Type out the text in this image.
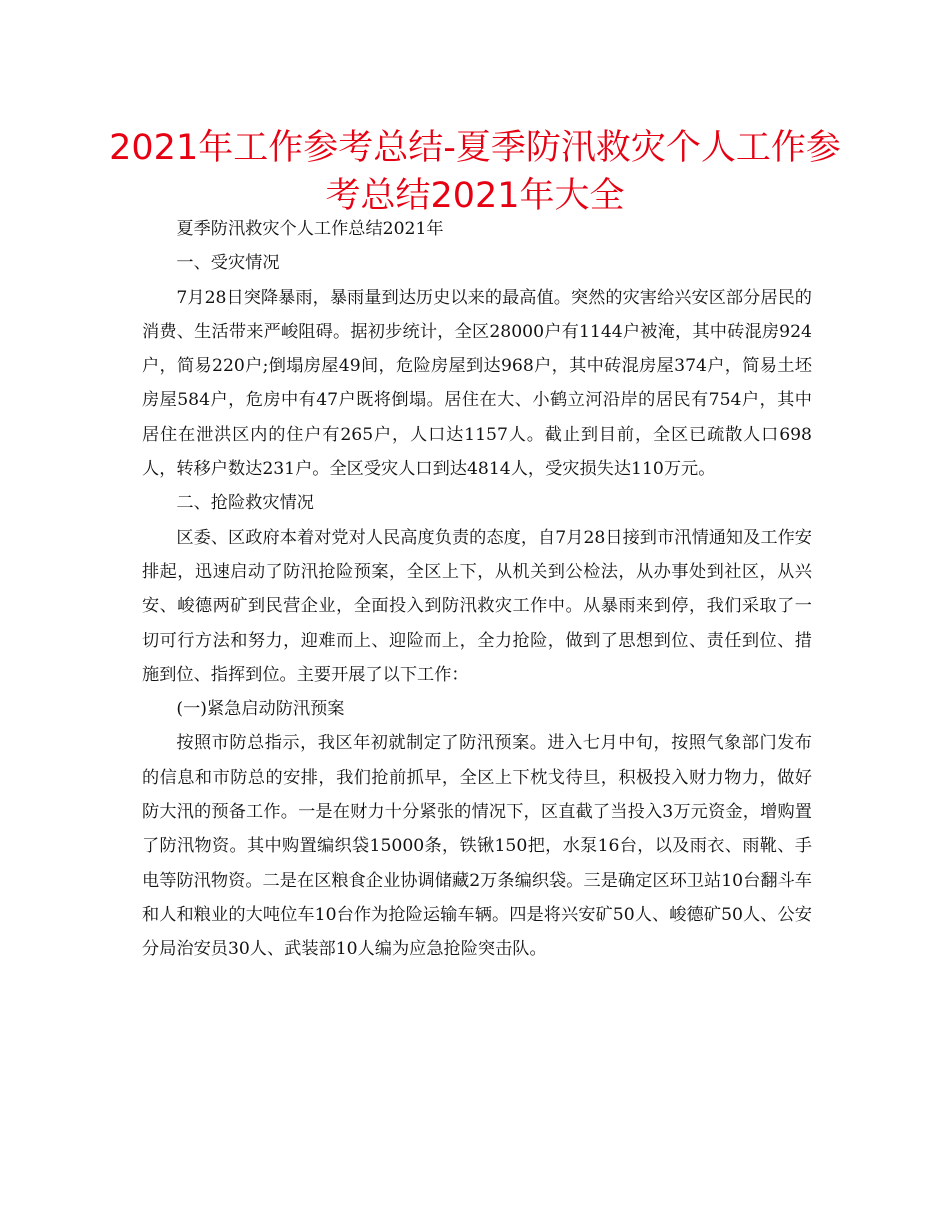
2021年工作参考总结-夏季防汛救灾个人工作参考总结2021年大全

夏季防汛救灾个人工作总结2021年

一、受灾情况

7月28日突降暴雨，暴雨量到达历史以来的最高值。突然的灾害给兴安区部分居民的消费、生活带来严峻阻碍。据初步统计，全区28000户有1144户被淹，其中砖混房924户，简易220户;倒塌房屋49间，危险房屋到达968户，其中砖混房屋374户，简易土坯房屋584户，危房中有47户既将倒塌。居住在大、小鹤立河沿岸的居民有754户，其中居住在泄洪区内的住户有265户，人口达1157人。截止到目前，全区已疏散人口698人，转移户数达231户。全区受灾人口到达4814人，受灾损失达110万元。

二、抢险救灾情况

区委、区政府本着对党对人民高度负责的态度，自7月28日接到市汛情通知及工作安排起，迅速启动了防汛抢险预案，全区上下，从机关到公检法，从办事处到社区，从兴安、峻德两矿到民营企业，全面投入到防汛救灾工作中。从暴雨来到停，我们采取了一切可行方法和努力，迎难而上、迎险而上，全力抢险，做到了思想到位、责任到位、措施到位、指挥到位。主要开展了以下工作：

(一)紧急启动防汛预案

按照市防总指示，我区年初就制定了防汛预案。进入七月中旬，按照气象部门发布的信息和市防总的安排，我们抢前抓早，全区上下枕戈待旦，积极投入财力物力，做好防大汛的预备工作。一是在财力十分紧张的情况下，区直截了当投入3万元资金，增购置了防汛物资。其中购置编织袋15000条，铁锹150把，水泵16台，以及雨衣、雨靴、手电等防汛物资。二是在区粮食企业协调储藏2万条编织袋。三是确定区环卫站10台翻斗车和人和粮业的大吨位车10台作为抢险运输车辆。四是将兴安矿50人、峻德矿50人、公安分局治安员30人、武装部10人编为应急抢险突击队。
